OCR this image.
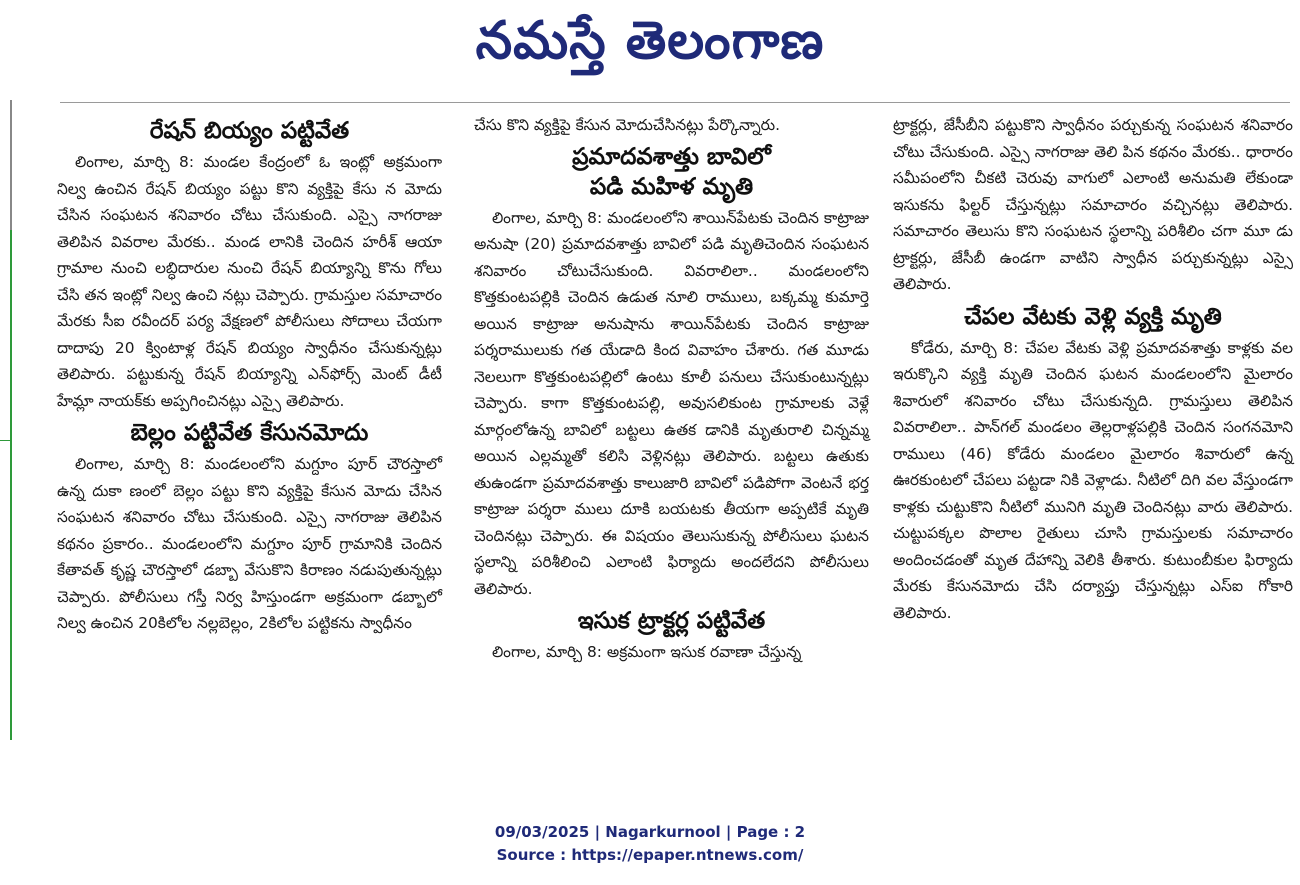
నమస్తే తెలంగాణ
రేషన్ బియ్యం పట్టివేత

లింగాల, మార్చి 8: మండల కేంద్రంలో ఓ ఇంట్లో అక్రమంగా నిల్వ ఉంచిన రేషన్ బియ్యం పట్టు కొని వ్యక్తిపై కేసు న మోదు చేసిన సంఘటన శనివారం చోటు చేసుకుంది. ఎస్సై నాగరాజు తెలిపిన వివరాల మేరకు.. మండ లానికి చెందిన హరీశ్ ఆయా గ్రామాల నుంచి లబ్ధిదారుల నుంచి రేషన్ బియ్యాన్ని కొను గోలు చేసి తన ఇంట్లో నిల్వ ఉంచి నట్లు చెప్పారు. గ్రామస్తుల సమాచారం మేరకు సీఐ రవీందర్ పర్య వేక్షణలో పోలీసులు సోదాలు చేయగా దాదాపు 20 క్వింటాళ్ల రేషన్ బియ్యం స్వాధీనం చేసుకున్నట్లు తెలిపారు. పట్టుకున్న రేషన్ బియ్యాన్ని ఎన్‌ఫోర్స్ మెంట్ డీటీ హేమ్లా నాయక్‌కు అప్పగించినట్లు ఎస్సై తెలిపారు.

బెల్లం పట్టివేత కేసునమోదు

లింగాల, మార్చి 8: మండలంలోని మగ్దూం పూర్ చౌరస్తాలో ఉన్న దుకా ణంలో బెల్లం పట్టు కొని వ్యక్తిపై కేసున మోదు చేసిన సంఘటన శనివారం చోటు చేసుకుంది. ఎస్సై నాగరాజు తెలిపిన కథనం ప్రకారం.. మండలంలోని మగ్దూం పూర్ గ్రామానికి చెందిన కేతావత్ కృష్ణ చౌరస్తాలో డబ్బా వేసుకొని కిరాణం నడుపుతున్నట్లు చెప్పారు. పోలీసులు గస్తీ నిర్వ హిస్తుండగా అక్రమంగా డబ్బాలో నిల్వ ఉంచిన 20కిలోల నల్లబెల్లం, 2కిలోల పట్టికను స్వాధీనం

చేసు కొని వ్యక్తిపై కేసున మోదుచేసినట్లు పేర్కొన్నారు.

ప్రమాదవశాత్తు బావిలో
పడి మహిళ మృతి

లింగాల, మార్చి 8: మండలంలోని శాయిన్‌పేటకు చెందిన కాట్రాజు అనుషా (20) ప్రమాదవశాత్తు బావిలో పడి మృతిచెందిన సంఘటన శనివారం చోటుచేసుకుంది. వివరాలిలా.. మండలంలోని కొత్తకుంటపల్లికి చెందిన ఉడుత నూలి రాములు, బక్కమ్మ కుమార్తె అయిన కాట్రాజు అనుషాను శాయిన్‌పేటకు చెందిన కాట్రాజు పర్శరాములుకు గత యేడాది కింద వివాహం చేశారు. గత మూడు నెలలుగా కొత్తకుంటపల్లిలో ఉంటు కూలీ పనులు చేసుకుంటున్నట్లు చెప్పారు. కాగా కొత్తకుంటపల్లి, అవుసలికుంట గ్రామాలకు వెళ్లే మార్గంలోఉన్న బావిలో బట్టలు ఉతక డానికి మృతురాలి చిన్నమ్మ అయిన ఎల్లమ్మతో కలిసి వెళ్లినట్లు తెలిపారు. బట్టలు ఉతుకు తుఉండగా ప్రమాదవశాత్తు కాలుజారి బావిలో పడిపోగా వెంటనే భర్త కాట్రాజు పర్శరా ములు దూకి బయటకు తీయగా అప్పటికే మృతి చెందినట్లు చెప్పారు. ఈ విషయం తెలుసుకున్న పోలీసులు ఘటన స్థలాన్ని పరిశీలించి ఎలాంటి ఫిర్యాదు అందలేదని పోలీసులు తెలిపారు.

ఇసుక ట్రాక్టర్ల పట్టివేత

లింగాల, మార్చి 8: అక్రమంగా ఇసుక రవాణా చేస్తున్న

ట్రాక్టర్లు, జేసీబీని పట్టుకొని స్వాధీనం పర్చుకున్న సంఘటన శనివారం చోటు చేసుకుంది. ఎస్సై నాగరాజు తెలి పిన కథనం మేరకు.. ధారారం సమీపంలోని చీకటి చెరువు వాగులో ఎలాంటి అనుమతి లేకుండా ఇసుకను ఫిల్టర్ చేస్తున్నట్లు సమాచారం వచ్చినట్లు తెలిపారు. సమాచారం తెలుసు కొని సంఘటన స్థలాన్ని పరిశీలిం చగా మూ డు ట్రాక్టర్లు, జేసీబీ ఉండగా వాటిని స్వాధీన పర్చుకున్నట్లు ఎస్సై తెలిపారు.

చేపల వేటకు వెళ్లి వ్యక్తి మృతి

కోడేరు, మార్చి 8: చేపల వేటకు వెళ్లి ప్రమాదవశాత్తు కాళ్లకు వల ఇరుక్కొని వ్యక్తి మృతి చెందిన ఘటన మండలంలోని మైలారం శివారులో శనివారం చోటు చేసుకున్నది. గ్రామస్తులు తెలిపిన వివరాలిలా.. పాన్‌గల్ మండలం తెల్లరాళ్లపల్లికి చెందిన సంగనమోని రాములు (46) కోడేరు మండలం మైలారం శివారులో ఉన్న ఊరకుంటలో చేపలు పట్టడా నికి వెళ్లాడు. నీటిలో దిగి వల వేస్తుండగా కాళ్లకు చుట్టుకొని నీటిలో మునిగి మృతి చెందినట్లు వారు తెలిపారు. చుట్టుపక్కల పొలాల రైతులు చూసి గ్రామస్తులకు సమాచారం అందించడంతో మృత దేహాన్ని వెలికి తీశారు. కుటుంబీకుల ఫిర్యాదు మేరకు కేసునమోదు చేసి దర్యాప్తు చేస్తున్నట్లు ఎస్ఐ గోకారి తెలిపారు.

09/03/2025 | Nagarkurnool | Page : 2
Source : https://epaper.ntnews.com/
